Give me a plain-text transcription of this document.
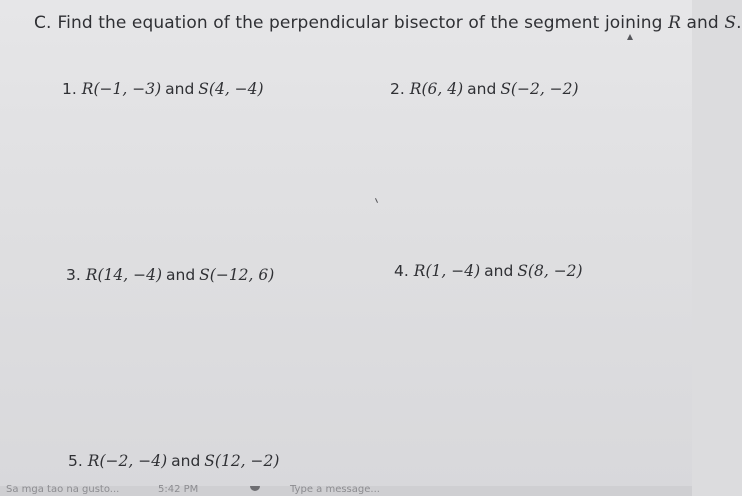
C. Find the equation of the perpendicular bisector of the segment joining R and S.
1. R(−1, −3) and S(4, −4)	2. R(6, 4) and S(−2, −2)
3. R(14, −4) and S(−12, 6)	4. R(1, −4) and S(8, −2)
5. R(−2, −4) and S(12, −2)
Sa mga tao na gusto...	5:42 PM	Type a message...
